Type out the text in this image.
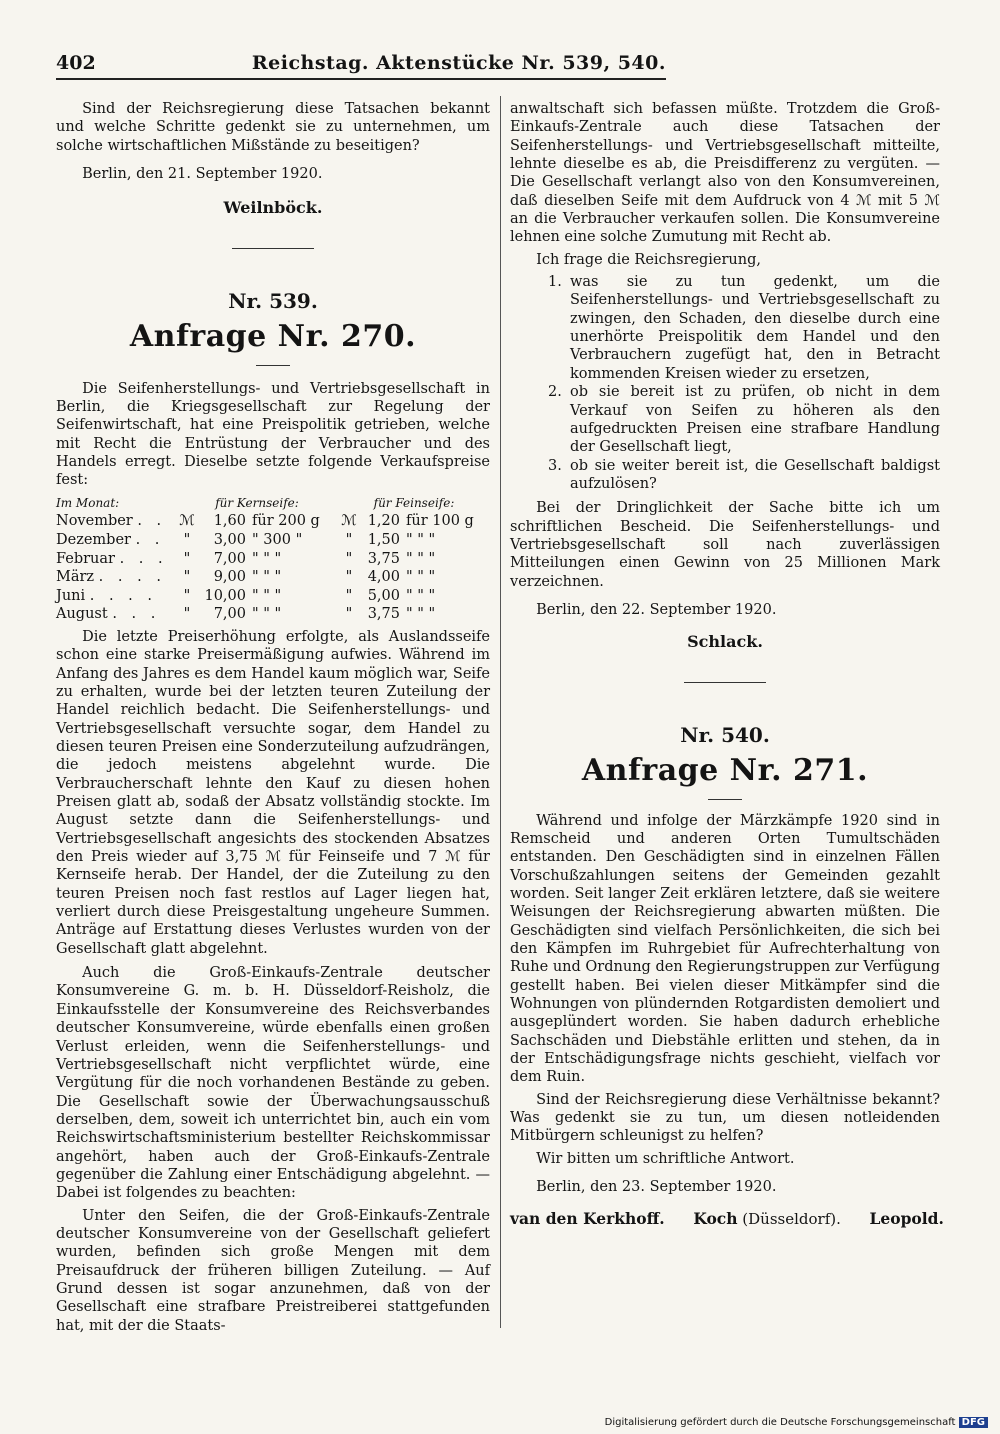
402	Reichstag. Aktenstücke Nr. 539, 540.

Sind der Reichsregierung diese Tatsachen bekannt und welche Schritte gedenkt sie zu unternehmen, um solche wirtschaftlichen Mißstände zu beseitigen?

Berlin, den 21. September 1920.

Weilnböck.

Nr. 539.

Anfrage Nr. 270.

Die Seifenherstellungs- und Vertriebsgesellschaft in Berlin, die Kriegsgesellschaft zur Regelung der Seifenwirtschaft, hat eine Preispolitik getrieben, welche mit Recht die Entrüstung der Verbraucher und des Handels erregt. Dieselbe setzte folgende Verkaufspreise fest:

Im Monat:	für Kernseife:			für Feinseife:		
November . .	ℳ	1,60	für 200 g	ℳ	1,20	für 100 g
Dezember . .	"	3,00	" 300 "	"	1,50	" " "
Februar . . .	"	7,00	" " "	"	3,75	" " "
März . . . .	"	9,00	" " "	"	4,00	" " "
Juni . . . .	"	10,00	" " "	"	5,00	" " "
August . . .	"	7,00	" " "	"	3,75	" " "

Die letzte Preiserhöhung erfolgte, als Auslandsseife schon eine starke Preisermäßigung aufwies. Während im Anfang des Jahres es dem Handel kaum möglich war, Seife zu erhalten, wurde bei der letzten teuren Zuteilung der Handel reichlich bedacht. Die Seifenherstellungs- und Vertriebsgesellschaft versuchte sogar, dem Handel zu diesen teuren Preisen eine Sonderzuteilung aufzudrängen, die jedoch meistens abgelehnt wurde. Die Verbraucherschaft lehnte den Kauf zu diesen hohen Preisen glatt ab, sodaß der Absatz vollständig stockte. Im August setzte dann die Seifenherstellungs- und Vertriebsgesellschaft angesichts des stockenden Absatzes den Preis wieder auf 3,75 ℳ für Feinseife und 7 ℳ für Kernseife herab. Der Handel, der die Zuteilung zu den teuren Preisen noch fast restlos auf Lager liegen hat, verliert durch diese Preisgestaltung ungeheure Summen. Anträge auf Erstattung dieses Verlustes wurden von der Gesellschaft glatt abgelehnt.

Auch die Groß-Einkaufs-Zentrale deutscher Konsumvereine G. m. b. H. Düsseldorf-Reisholz, die Einkaufsstelle der Konsumvereine des Reichsverbandes deutscher Konsumvereine, würde ebenfalls einen großen Verlust erleiden, wenn die Seifenherstellungs- und Vertriebsgesellschaft nicht verpflichtet würde, eine Vergütung für die noch vorhandenen Bestände zu geben. Die Gesellschaft sowie der Überwachungsausschuß derselben, dem, soweit ich unterrichtet bin, auch ein vom Reichswirtschaftsministerium bestellter Reichskommissar angehört, haben auch der Groß-Einkaufs-Zentrale gegenüber die Zahlung einer Entschädigung abgelehnt. — Dabei ist folgendes zu beachten:

Unter den Seifen, die der Groß-Einkaufs-Zentrale deutscher Konsumvereine von der Gesellschaft geliefert wurden, befinden sich große Mengen mit dem Preisaufdruck der früheren billigen Zuteilung. — Auf Grund dessen ist sogar anzunehmen, daß von der Gesellschaft eine strafbare Preistreiberei stattgefunden hat, mit der die Staats-

anwaltschaft sich befassen müßte. Trotzdem die Groß-Einkaufs-Zentrale auch diese Tatsachen der Seifenherstellungs- und Vertriebsgesellschaft mitteilte, lehnte dieselbe es ab, die Preisdifferenz zu vergüten. — Die Gesellschaft verlangt also von den Konsumvereinen, daß dieselben Seife mit dem Aufdruck von 4 ℳ mit 5 ℳ an die Verbraucher verkaufen sollen. Die Konsumvereine lehnen eine solche Zumutung mit Recht ab.

Ich frage die Reichsregierung,

1. was sie zu tun gedenkt, um die Seifenherstellungs- und Vertriebsgesellschaft zu zwingen, den Schaden, den dieselbe durch eine unerhörte Preispolitik dem Handel und den Verbrauchern zugefügt hat, den in Betracht kommenden Kreisen wieder zu ersetzen,
2. ob sie bereit ist zu prüfen, ob nicht in dem Verkauf von Seifen zu höheren als den aufgedruckten Preisen eine strafbare Handlung der Gesellschaft liegt,
3. ob sie weiter bereit ist, die Gesellschaft baldigst aufzulösen?

Bei der Dringlichkeit der Sache bitte ich um schriftlichen Bescheid. Die Seifenherstellungs- und Vertriebsgesellschaft soll nach zuverlässigen Mitteilungen einen Gewinn von 25 Millionen Mark verzeichnen.

Berlin, den 22. September 1920.

Schlack.

Nr. 540.

Anfrage Nr. 271.

Während und infolge der Märzkämpfe 1920 sind in Remscheid und anderen Orten Tumultschäden entstanden. Den Geschädigten sind in einzelnen Fällen Vorschußzahlungen seitens der Gemeinden gezahlt worden. Seit langer Zeit erklären letztere, daß sie weitere Weisungen der Reichsregierung abwarten müßten. Die Geschädigten sind vielfach Persönlichkeiten, die sich bei den Kämpfen im Ruhrgebiet für Aufrechterhaltung von Ruhe und Ordnung den Regierungstruppen zur Verfügung gestellt haben. Bei vielen dieser Mitkämpfer sind die Wohnungen von plündernden Rotgardisten demoliert und ausgeplündert worden. Sie haben dadurch erhebliche Sachschäden und Diebstähle erlitten und stehen, da in der Entschädigungsfrage nichts geschieht, vielfach vor dem Ruin.

Sind der Reichsregierung diese Verhältnisse bekannt? Was gedenkt sie zu tun, um diesen notleidenden Mitbürgern schleunigst zu helfen?

Wir bitten um schriftliche Antwort.

Berlin, den 23. September 1920.

van den Kerkhoff. Koch (Düsseldorf). Leopold.
Digitalisierung gefördert durch die Deutsche Forschungsgemeinschaft DFG
